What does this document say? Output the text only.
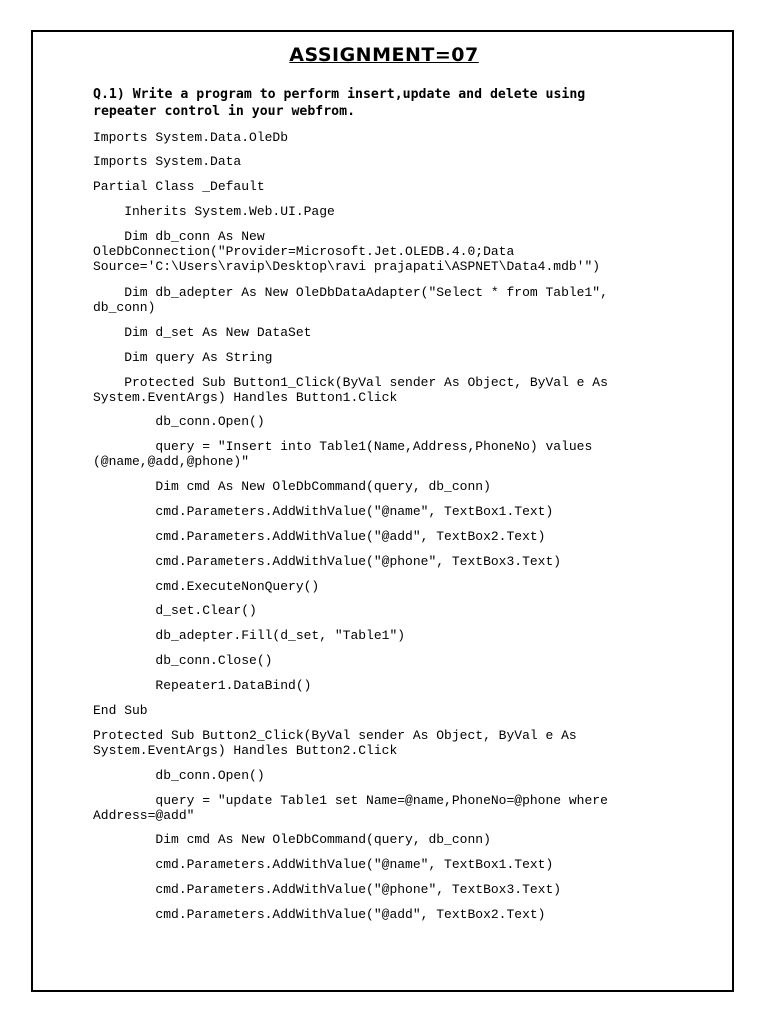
ASSIGNMENT=07

Q.1) Write a program to perform insert,update and delete using
repeater control in your webfrom.

Imports System.Data.OleDb
Imports System.Data
Partial Class _Default
Inherits System.Web.UI.Page
Dim db_conn As New
OleDbConnection("Provider=Microsoft.Jet.OLEDB.4.0;Data
Source='C:\Users\ravip\Desktop\ravi prajapati\ASPNET\Data4.mdb'")
Dim db_adepter As New OleDbDataAdapter("Select * from Table1",
db_conn)
Dim d_set As New DataSet
Dim query As String
Protected Sub Button1_Click(ByVal sender As Object, ByVal e As
System.EventArgs) Handles Button1.Click
db_conn.Open()
query = "Insert into Table1(Name,Address,PhoneNo) values
(@name,@add,@phone)"
Dim cmd As New OleDbCommand(query, db_conn)
cmd.Parameters.AddWithValue("@name", TextBox1.Text)
cmd.Parameters.AddWithValue("@add", TextBox2.Text)
cmd.Parameters.AddWithValue("@phone", TextBox3.Text)
cmd.ExecuteNonQuery()
d_set.Clear()
db_adepter.Fill(d_set, "Table1")
db_conn.Close()
Repeater1.DataBind()
End Sub
Protected Sub Button2_Click(ByVal sender As Object, ByVal e As
System.EventArgs) Handles Button2.Click
db_conn.Open()
query = "update Table1 set Name=@name,PhoneNo=@phone where
Address=@add"
Dim cmd As New OleDbCommand(query, db_conn)
cmd.Parameters.AddWithValue("@name", TextBox1.Text)
cmd.Parameters.AddWithValue("@phone", TextBox3.Text)
cmd.Parameters.AddWithValue("@add", TextBox2.Text)
